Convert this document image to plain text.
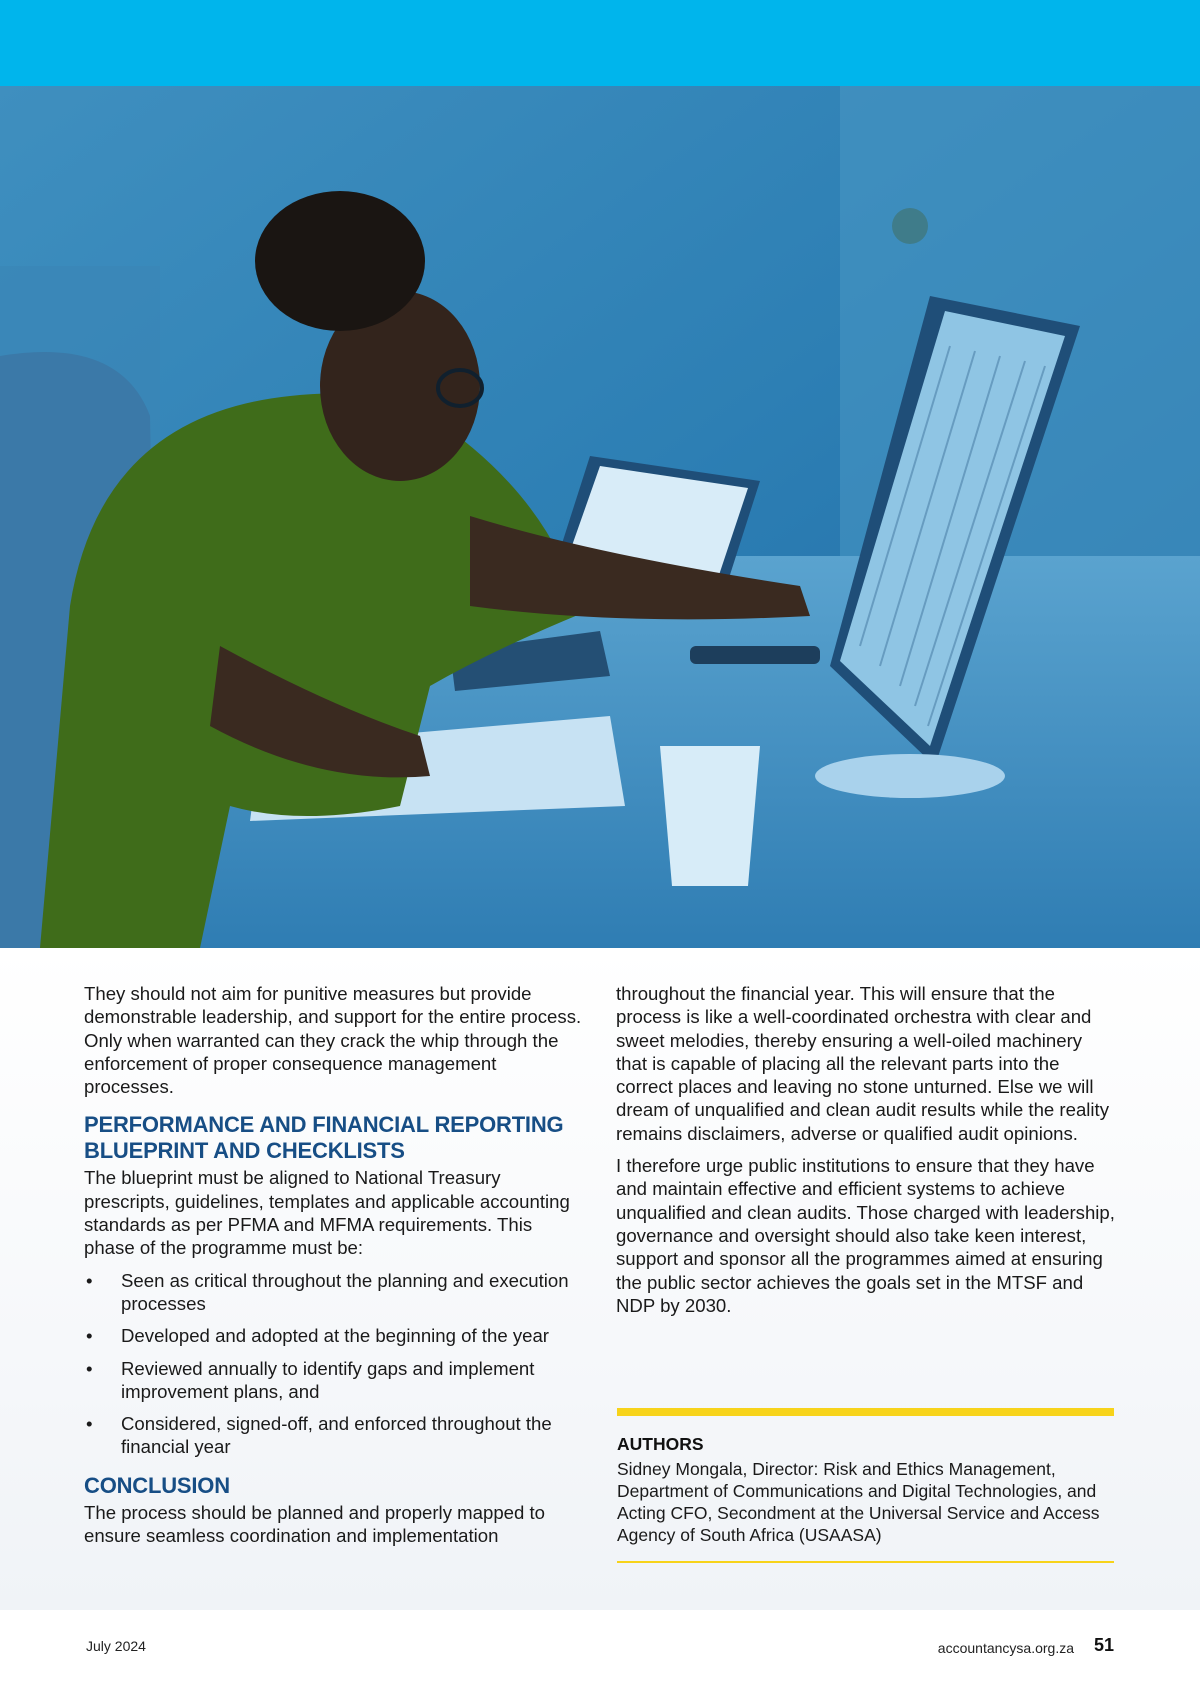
They should not aim for punitive measures but provide demonstrable leadership, and support for the entire process. Only when warranted can they crack the whip through the enforcement of proper consequence management processes.

PERFORMANCE AND FINANCIAL REPORTING BLUEPRINT AND CHECKLISTS

The blueprint must be aligned to National Treasury prescripts, guidelines, templates and applicable accounting standards as per PFMA and MFMA requirements. This phase of the programme must be:

• Seen as critical throughout the planning and execution processes
• Developed and adopted at the beginning of the year
• Reviewed annually to identify gaps and implement improvement plans, and
• Considered, signed-off, and enforced throughout the financial year
CONCLUSION

The process should be planned and properly mapped to ensure seamless coordination and implementation

throughout the financial year. This will ensure that the process is like a well-coordinated orchestra with clear and sweet melodies, thereby ensuring a well-oiled machinery that is capable of placing all the relevant parts into the correct places and leaving no stone unturned. Else we will dream of unqualified and clean audit results while the reality remains disclaimers, adverse or qualified audit opinions.

I therefore urge public institutions to ensure that they have and maintain effective and efficient systems to achieve unqualified and clean audits. Those charged with leadership, governance and oversight should also take keen interest, support and sponsor all the programmes aimed at ensuring the public sector achieves the goals set in the MTSF and NDP by 2030.

AUTHORS

Sidney Mongala, Director: Risk and Ethics Management, Department of Communications and Digital Technologies, and Acting CFO, Secondment at the Universal Service and Access Agency of South Africa (USAASA)

July 2024	accountancysa.org.za 51
